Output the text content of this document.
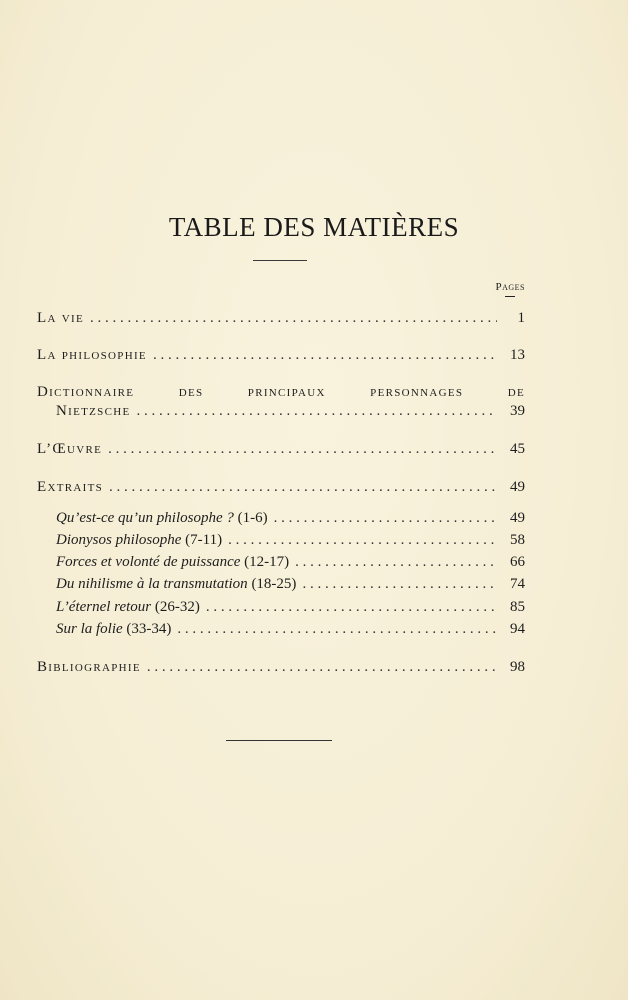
TABLE DES MATIÈRES
Pages
La vie . . .	1
La philosophie . . .	13
Dictionnaire des principaux personnages de
Nietzsche . . .	39
L’Œuvre . . .	45
Extraits . . .	49
Qu’est-ce qu’un philosophe ? (1-6) . . .	49
Dionysos philosophe (7-11) . . .	58
Forces et volonté de puissance (12-17) . . .	66
Du nihilisme à la transmutation (18-25) . . .	74
L’éternel retour (26-32) . . .	85
Sur la folie (33-34) . . .	94
Bibliographie . . .	98
